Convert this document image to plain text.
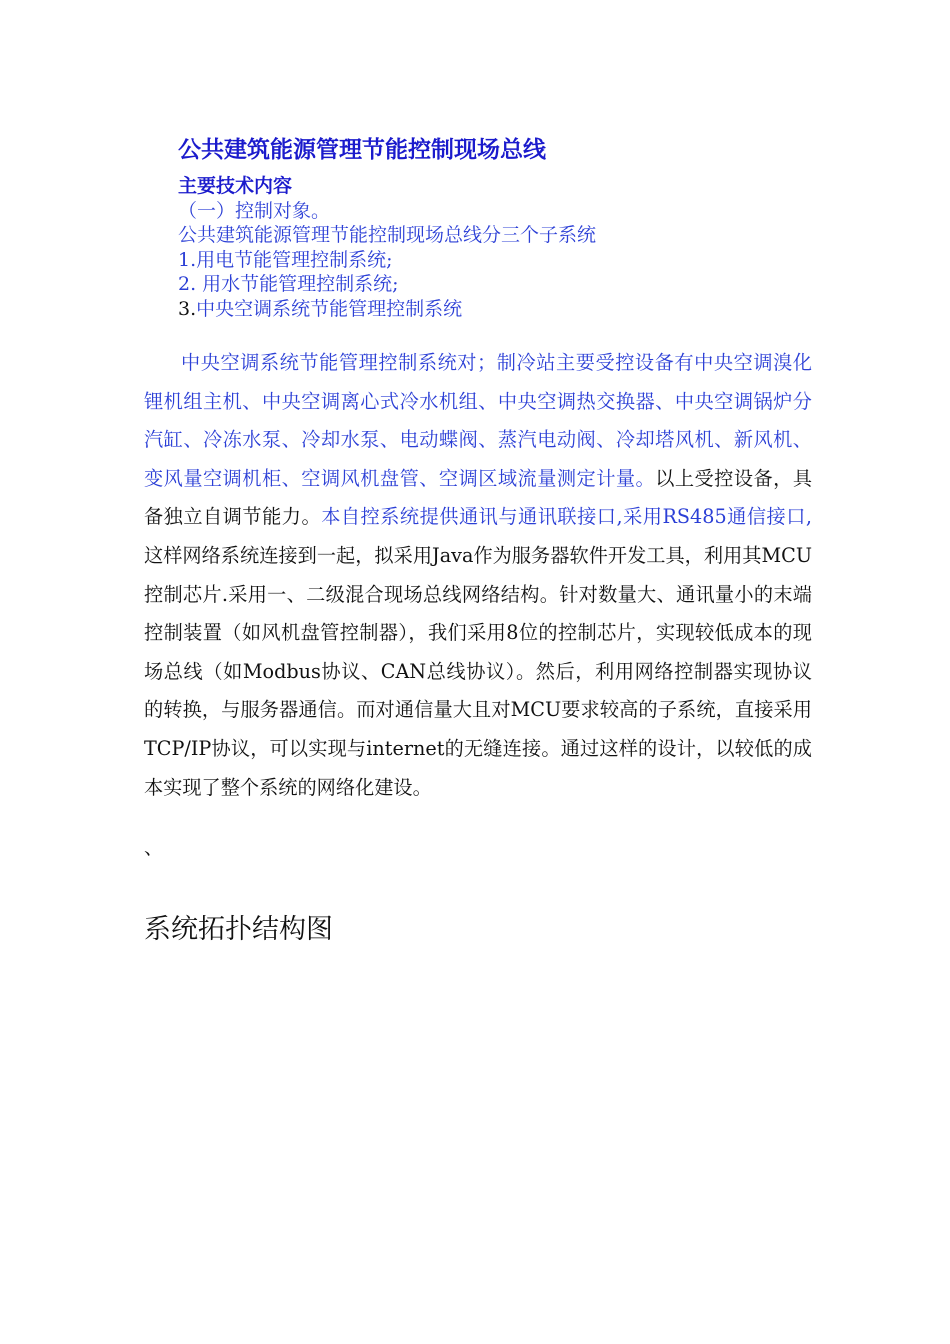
公共建筑能源管理节能控制现场总线
主要技术内容
（一）控制对象。
公共建筑能源管理节能控制现场总线分三个子系统
1.用电节能管理控制系统;
2. 用水节能管理控制系统;
3.中央空调系统节能管理控制系统
中央空调系统节能管理控制系统对；制冷站主要受控设备有中央空调溴化锂机组主机、中央空调离心式冷水机组、中央空调热交换器、中央空调锅炉分汽缸、冷冻水泵、冷却水泵、电动蝶阀、蒸汽电动阀、冷却塔风机、新风机、变风量空调机柜、空调风机盘管、空调区域流量测定计量。以上受控设备，具备独立自调节能力。本自控系统提供通讯与通讯联接口,采用RS485通信接口,这样网络系统连接到一起，拟采用Java作为服务器软件开发工具，利用其MCU控制芯片.采用一、二级混合现场总线网络结构。针对数量大、通讯量小的末端控制装置（如风机盘管控制器），我们采用8位的控制芯片，实现较低成本的现场总线（如Modbus协议、CAN总线协议）。然后，利用网络控制器实现协议的转换，与服务器通信。而对通信量大且对MCU要求较高的子系统，直接采用TCP/IP协议，可以实现与internet的无缝连接。通过这样的设计，以较低的成本实现了整个系统的网络化建设。
、
系统拓扑结构图
